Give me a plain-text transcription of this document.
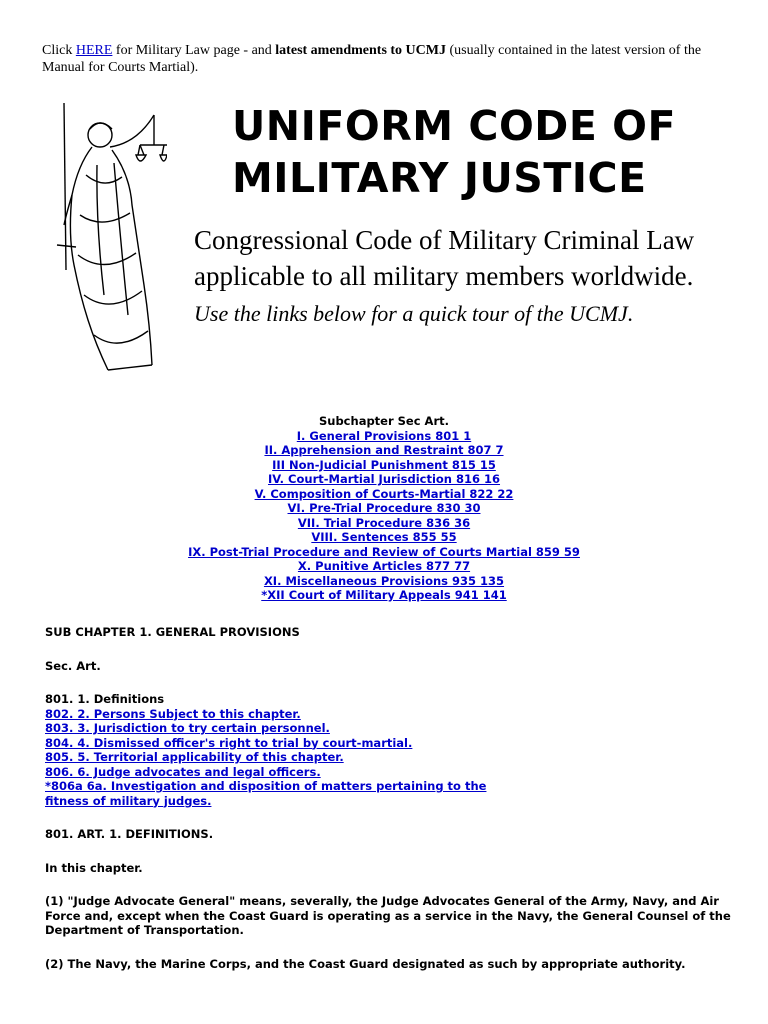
Click HERE for Military Law page - and latest amendments to UCMJ (usually contained in the latest version of the Manual for Courts Martial).
UNIFORM CODE OF
MILITARY JUSTICE
Congressional Code of Military Criminal Law applicable to all military members worldwide. Use the links below for a quick tour of the UCMJ.
Subchapter Sec Art.
I. General Provisions 801 1
II. Apprehension and Restraint 807 7
III Non-Judicial Punishment 815 15
IV. Court-Martial Jurisdiction 816 16
V. Composition of Courts-Martial 822 22
VI. Pre-Trial Procedure 830 30
VII. Trial Procedure 836 36
VIII. Sentences 855 55
IX. Post-Trial Procedure and Review of Courts Martial 859 59
X. Punitive Articles 877 77
XI. Miscellaneous Provisions 935 135
*XII Court of Military Appeals 941 141

SUB CHAPTER 1. GENERAL PROVISIONS

Sec. Art.

801. 1. Definitions

802. 2. Persons Subject to this chapter.
803. 3. Jurisdiction to try certain personnel.
804. 4. Dismissed officer's right to trial by court-martial.
805. 5. Territorial applicability of this chapter.
806. 6. Judge advocates and legal officers.
*806a 6a. Investigation and disposition of matters pertaining to the fitness of military judges.

801. ART. 1. DEFINITIONS.

In this chapter.

(1) "Judge Advocate General" means, severally, the Judge Advocates General of the Army, Navy, and Air Force and, except when the Coast Guard is operating as a service in the Navy, the General Counsel of the Department of Transportation.

(2) The Navy, the Marine Corps, and the Coast Guard designated as such by appropriate authority.
